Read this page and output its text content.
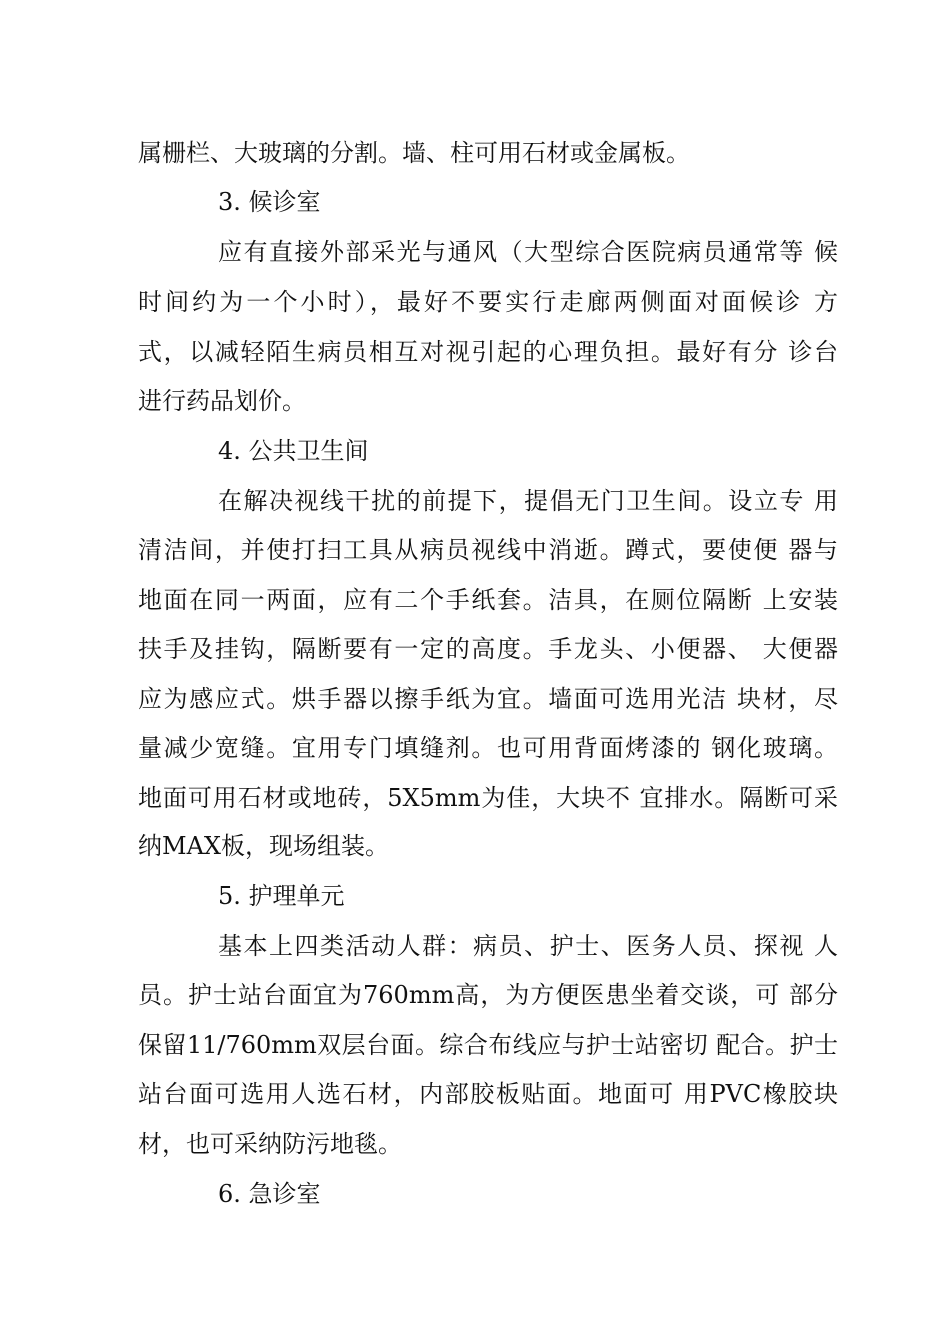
属栅栏、大玻璃的分割。墙、柱可用石材或金属板。
3. 候诊室
应有直接外部采光与通风（大型综合医院病员通常等 候
时间约为一个小时），最好不要实行走廊两侧面对面候诊 方
式，以减轻陌生病员相互对视引起的心理负担。最好有分 诊台
进行药品划价。
4. 公共卫生间
在解决视线干扰的前提下，提倡无门卫生间。设立专 用
清洁间，并使打扫工具从病员视线中消逝。蹲式，要使便 器与
地面在同一两面，应有二个手纸套。洁具，在厕位隔断 上安装
扶手及挂钩，隔断要有一定的高度。手龙头、小便器、 大便器
应为感应式。烘手器以擦手纸为宜。墙面可选用光洁 块材，尽
量减少宽缝。宜用专门填缝剂。也可用背面烤漆的 钢化玻璃。
地面可用石材或地砖，5X5mm为佳，大块不 宜排水。隔断可采
纳MAX板，现场组装。
5. 护理单元
基本上四类活动人群：病员、护士、医务人员、探视 人
员。护士站台面宜为760mm高，为方便医患坐着交谈，可 部分
保留11/760mm双层台面。综合布线应与护士站密切 配合。护士
站台面可选用人选石材，内部胶板贴面。地面可 用PVC橡胶块
材，也可采纳防污地毯。
6. 急诊室
